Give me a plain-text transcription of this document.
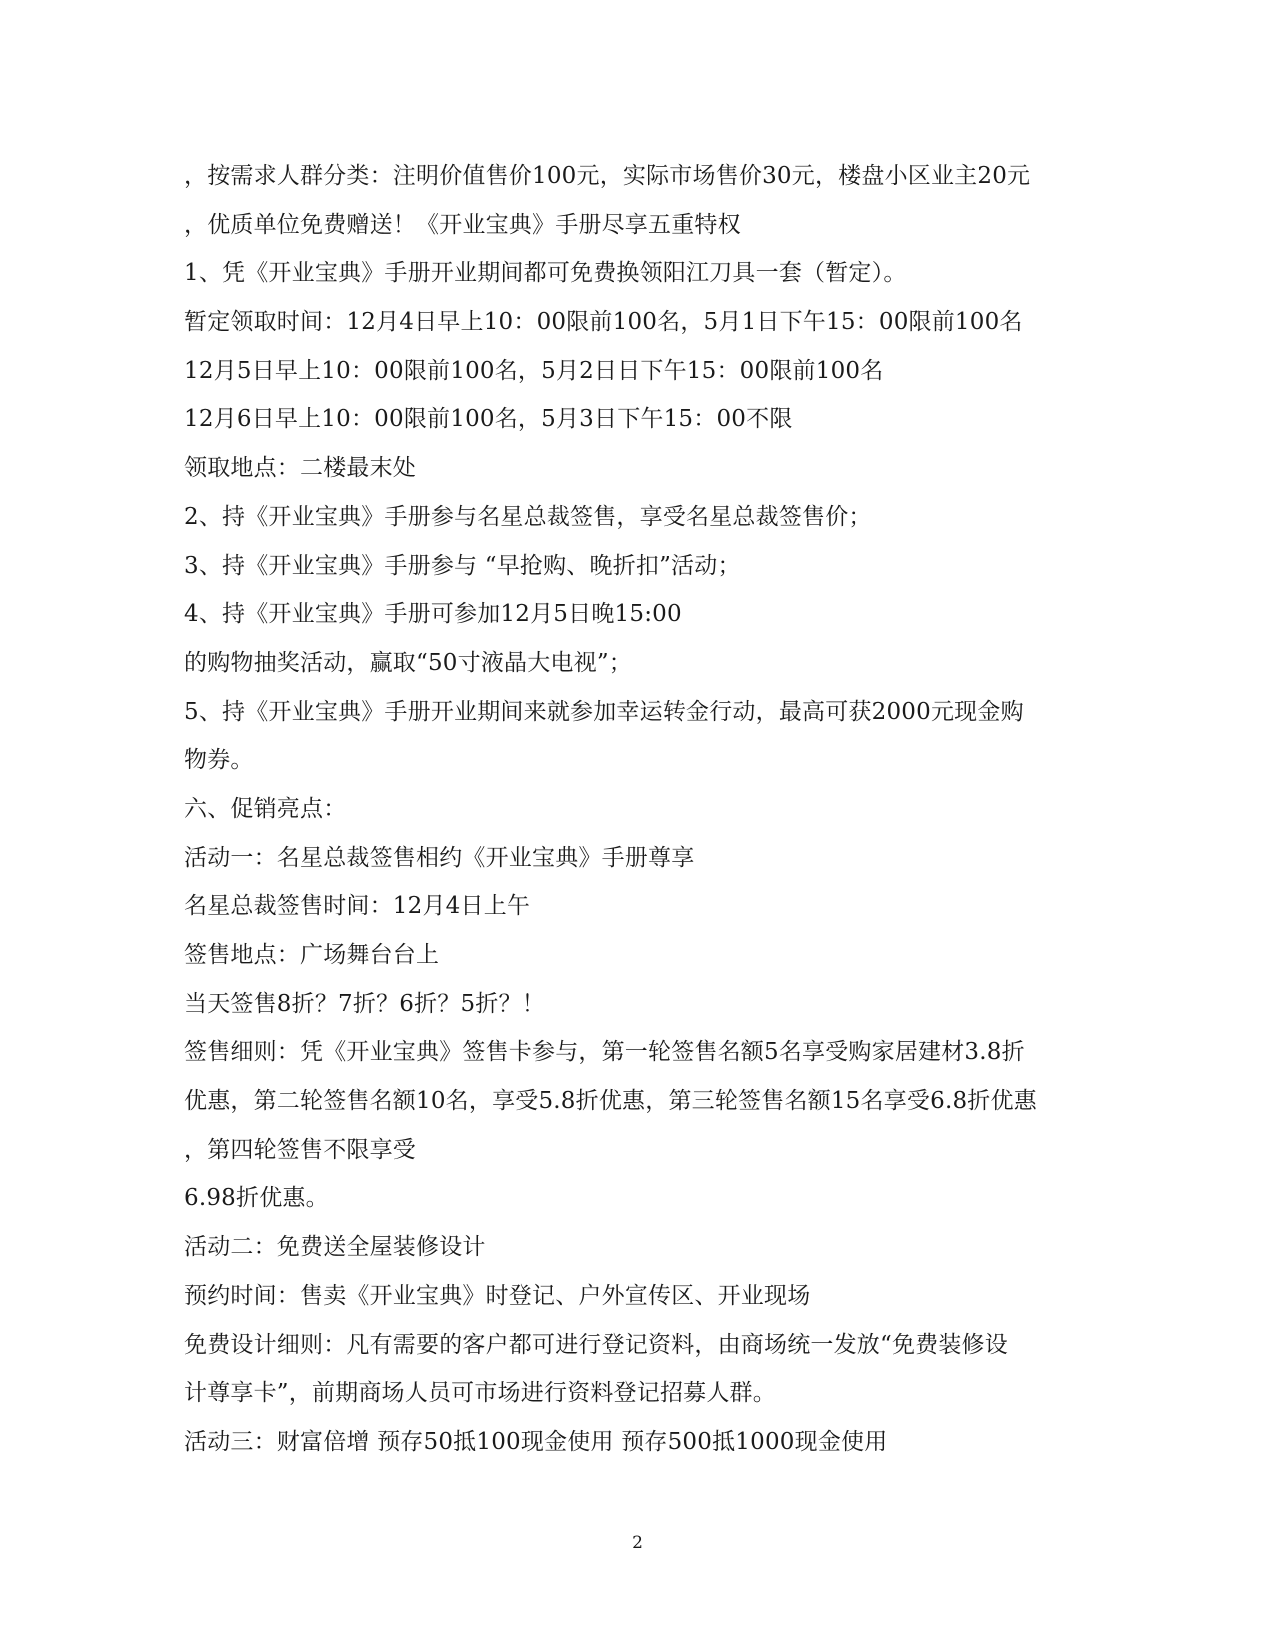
，按需求人群分类：注明价值售价100元，实际市场售价30元，楼盘小区业主20元
，优质单位免费赠送！《开业宝典》手册尽享五重特权
1、凭《开业宝典》手册开业期间都可免费换领阳江刀具一套（暂定）。
暂定领取时间：12月4日早上10：00限前100名，5月1日下午15：00限前100名
12月5日早上10：00限前100名，5月2日日下午15：00限前100名
12月6日早上10：00限前100名，5月3日下午15：00不限
领取地点：二楼最末处
2、持《开业宝典》手册参与名星总裁签售，享受名星总裁签售价；
3、持《开业宝典》手册参与 “早抢购、晚折扣”活动；
4、持《开业宝典》手册可参加12月5日晚15:00
的购物抽奖活动，赢取“50寸液晶大电视”；
5、持《开业宝典》手册开业期间来就参加幸运转金行动，最高可获2000元现金购
物券。
六、促销亮点：
活动一：名星总裁签售相约《开业宝典》手册尊享
名星总裁签售时间：12月4日上午
签售地点：广场舞台台上
当天签售8折？7折？6折？5折？！
签售细则：凭《开业宝典》签售卡参与，第一轮签售名额5名享受购家居建材3.8折
优惠，第二轮签售名额10名，享受5.8折优惠，第三轮签售名额15名享受6.8折优惠
，第四轮签售不限享受
6.98折优惠。
活动二：免费送全屋装修设计
预约时间：售卖《开业宝典》时登记、户外宣传区、开业现场
免费设计细则：凡有需要的客户都可进行登记资料，由商场统一发放“免费装修设
计尊享卡”，前期商场人员可市场进行资料登记招募人群。
活动三：财富倍增 预存50抵100现金使用 预存500抵1000现金使用
2
